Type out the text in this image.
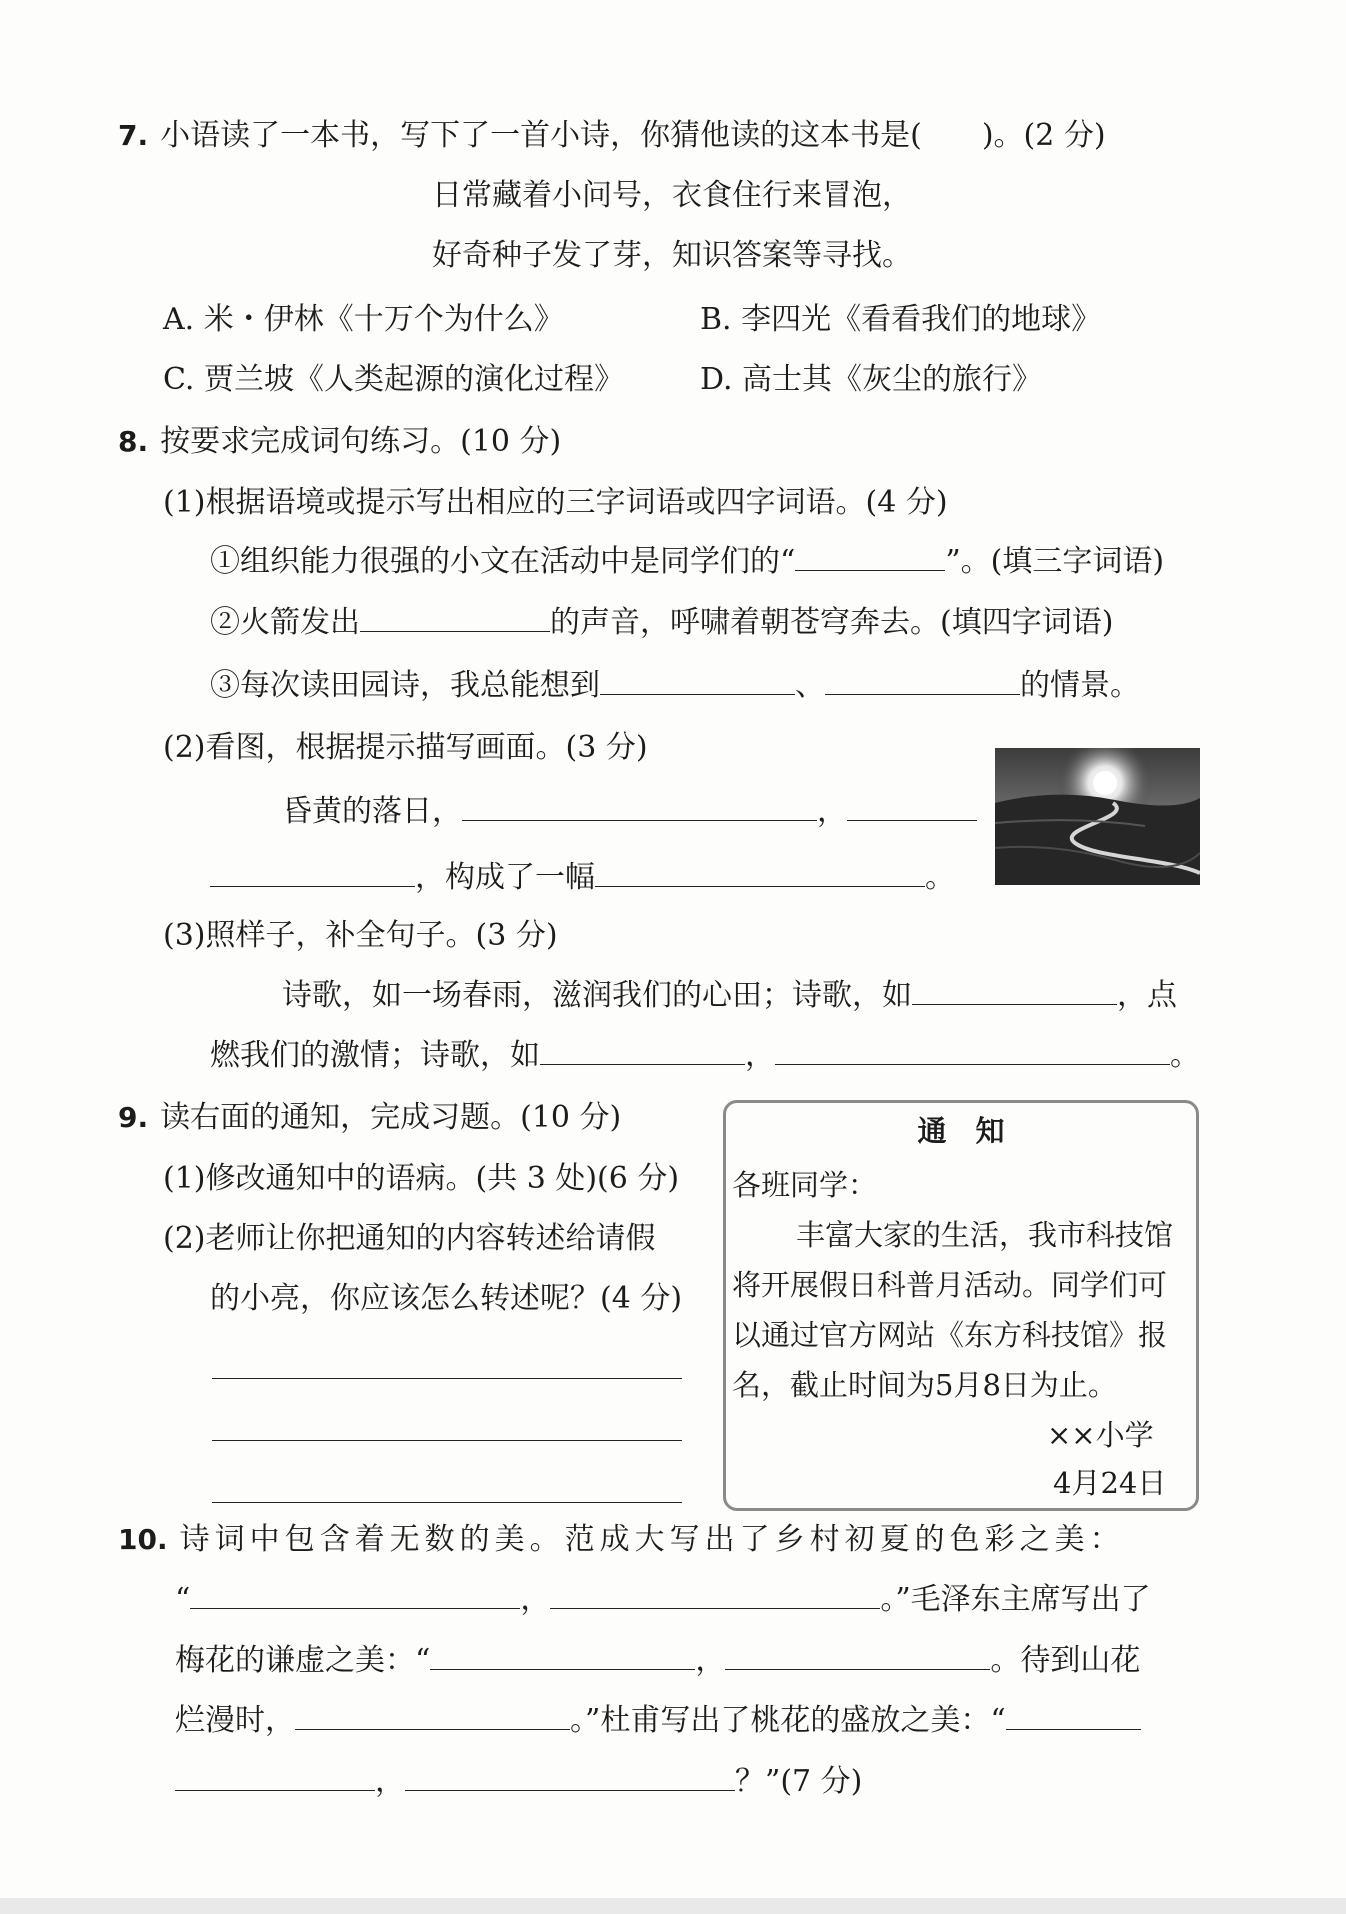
7. 小语读了一本书，写下了一首小诗，你猜他读的这本书是(　　)。(2 分)
日常藏着小问号，衣食住行来冒泡，
好奇种子发了芽，知识答案等寻找。
A. 米・伊林《十万个为什么》	B. 李四光《看看我们的地球》
C. 贾兰坡《人类起源的演化过程》	D. 高士其《灰尘的旅行》
8. 按要求完成词句练习。(10 分)
(1)根据语境或提示写出相应的三字词语或四字词语。(4 分)
①组织能力很强的小文在活动中是同学们的“	”。(填三字词语)
②火箭发出	的声音，呼啸着朝苍穹奔去。(填四字词语)
③每次读田园诗，我总能想到	、	的情景。
(2)看图，根据提示描写画面。(3 分)
昏黄的落日，	，
，构成了一幅	。
(3)照样子，补全句子。(3 分)
诗歌，如一场春雨，滋润我们的心田；诗歌，如	，点
燃我们的激情；诗歌，如	，	。
9. 读右面的通知，完成习题。(10 分)
(1)修改通知中的语病。(共 3 处)(6 分)
(2)老师让你把通知的内容转述给请假
的小亮，你应该怎么转述呢？(4 分)
通　知
各班同学：
丰富大家的生活，我市科技馆
将开展假日科普月活动。同学们可
以通过官方网站《东方科技馆》报
名，截止时间为5月8日为止。
××小学
4月24日
10. 诗词中包含着无数的美。范成大写出了乡村初夏的色彩之美：
“	，	。”毛泽东主席写出了
梅花的谦虚之美：“	，	。待到山花
烂漫时，	。”杜甫写出了桃花的盛放之美：“
，	？”(7 分)
